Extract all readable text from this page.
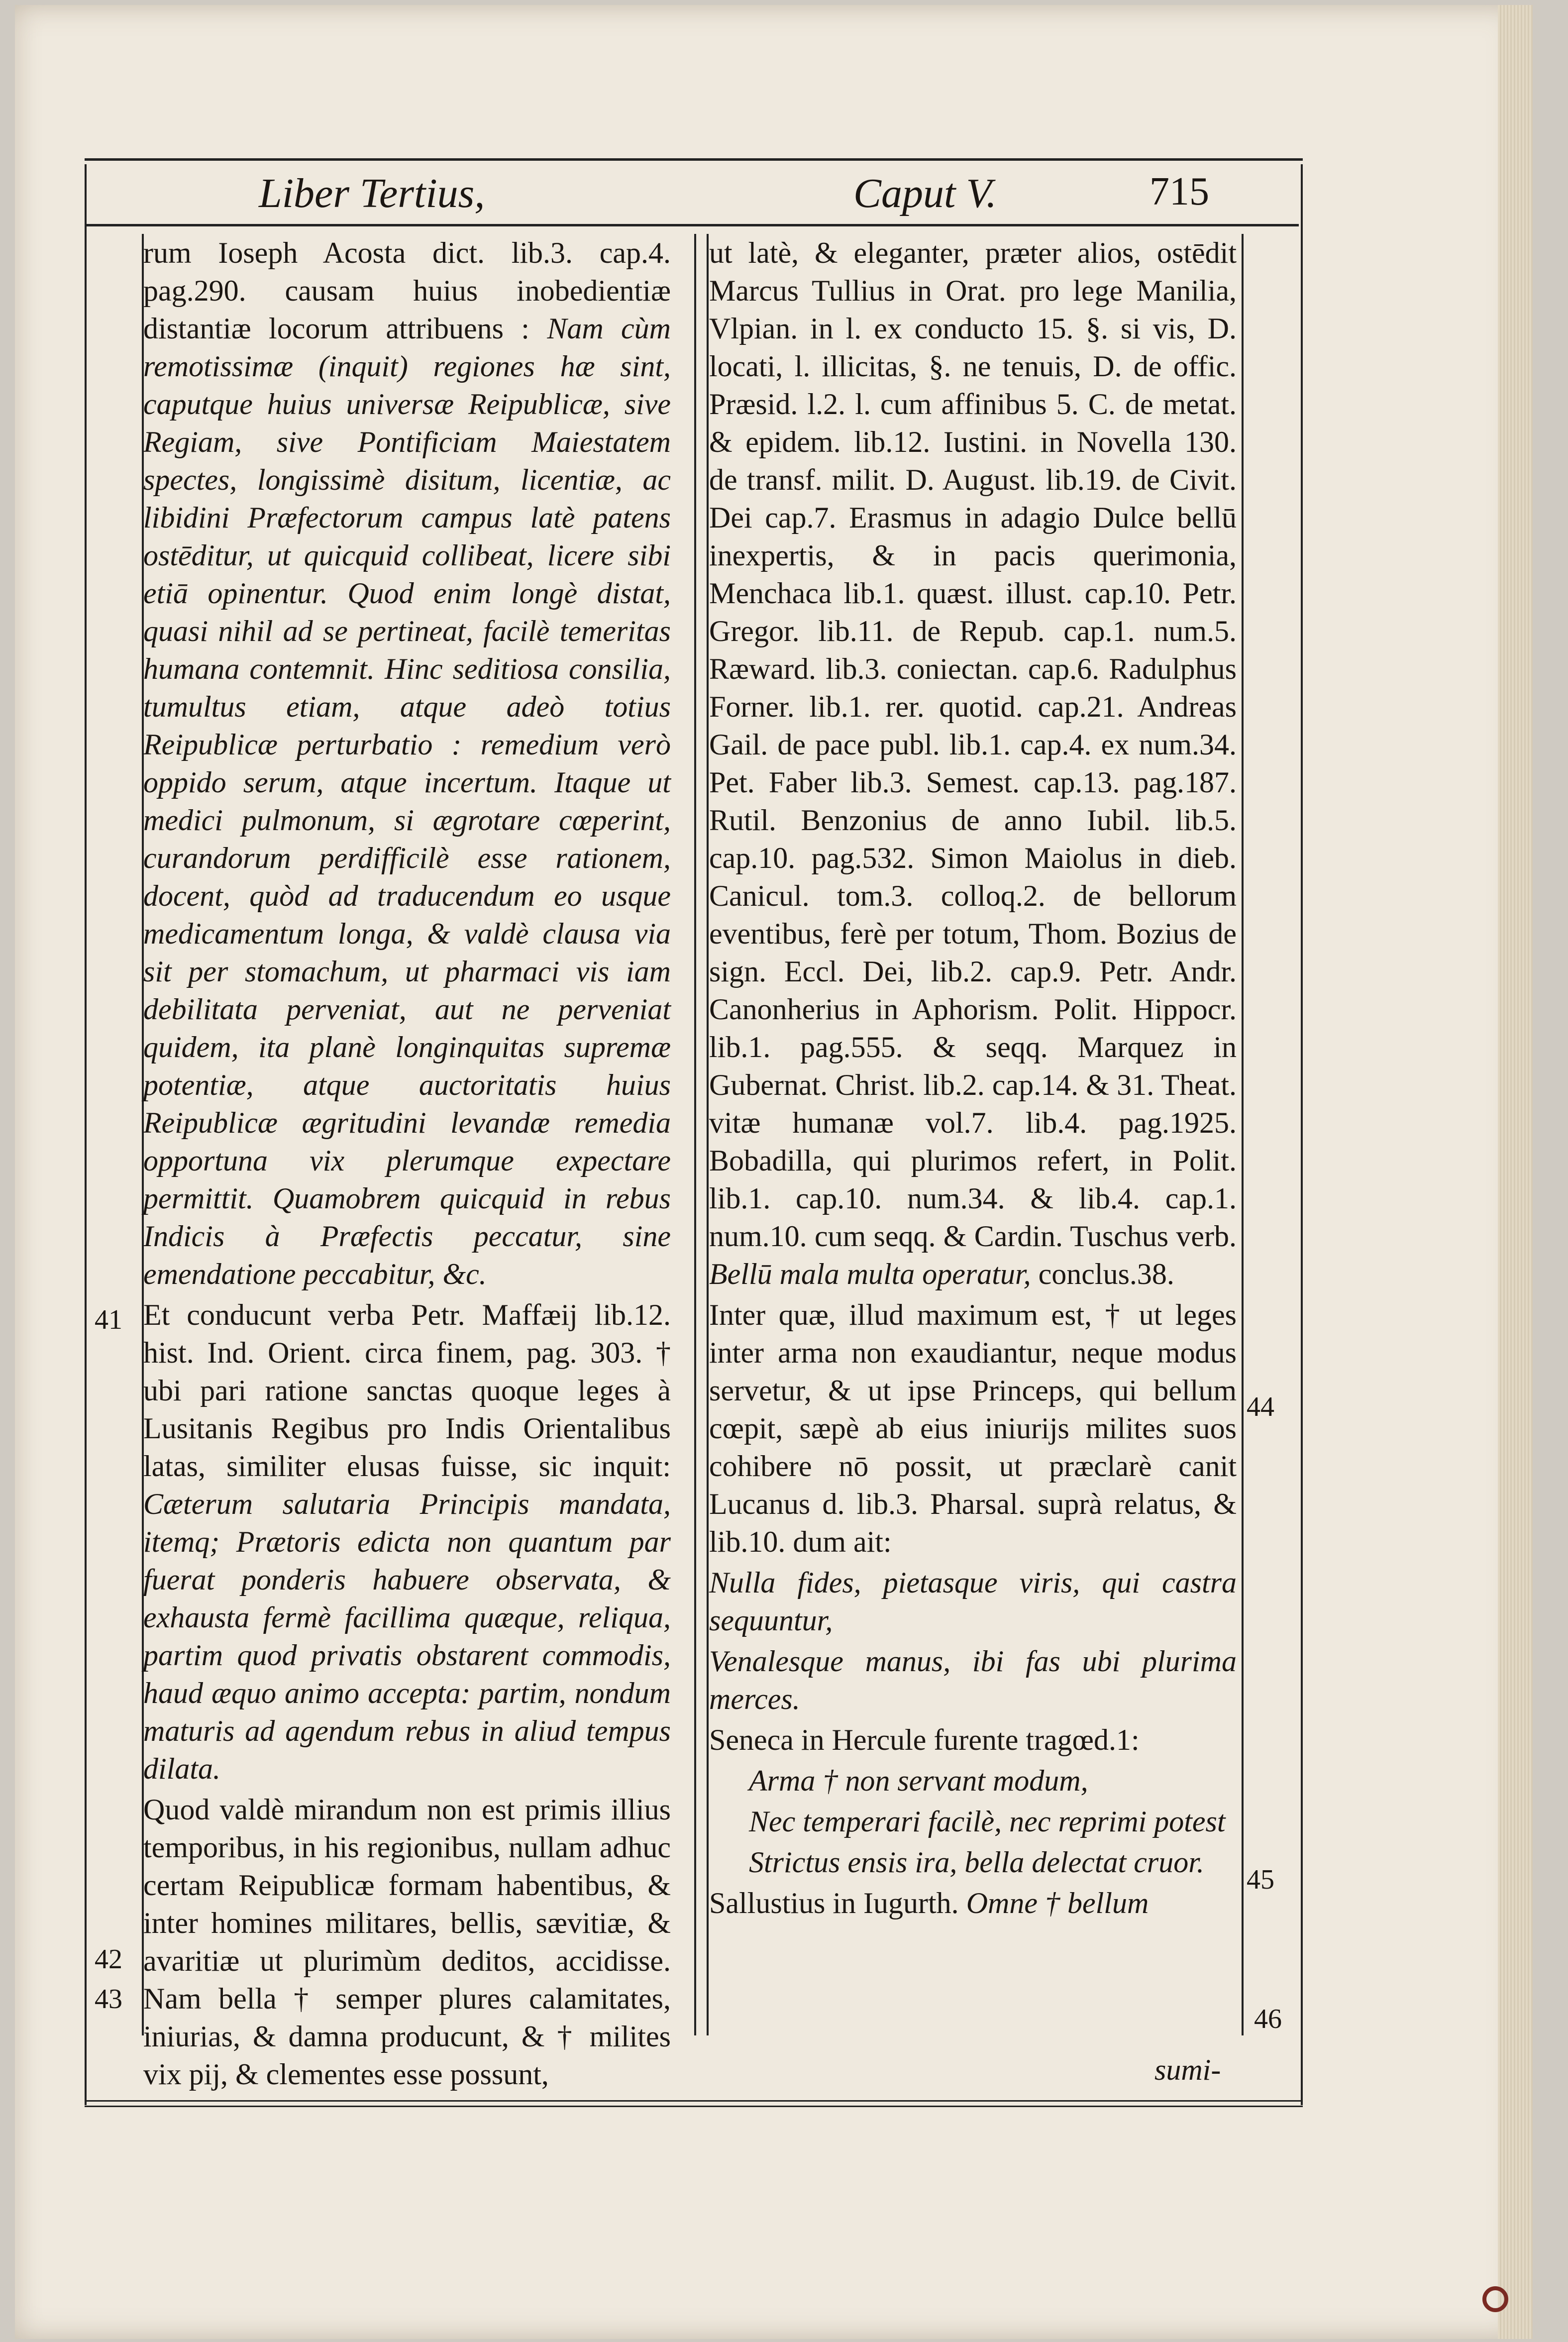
Liber Tertius,	Caput V.	715

rum Ioseph Acosta dict. lib.3. cap.4. pag.290. causam huius inobedientiæ distantiæ locorum attribuens : Nam cùm remotissimæ (inquit) regiones hæ sint, caputque huius universæ Reipublicæ, sive Regiam, sive Pontificiam Maiestatem spectes, longissimè disitum, licentiæ, ac libidini Præfectorum campus latè patens ostēditur, ut quicquid collibeat, licere sibi etiā opinentur. Quod enim longè distat, quasi nihil ad se pertineat, facilè temeritas humana contemnit. Hinc seditiosa consilia, tumultus etiam, atque adeò totius Reipublicæ perturbatio : remedium verò oppido serum, atque incertum. Itaque ut medici pulmonum, si ægrotare cœperint, curandorum perdifficilè esse rationem, docent, quòd ad traducendum eo usque medicamentum longa, & valdè clausa via sit per stomachum, ut pharmaci vis iam debilitata perveniat, aut ne perveniat quidem, ita planè longinquitas supremæ potentiæ, atque auctoritatis huius Reipublicæ ægritudini levandæ remedia opportuna vix plerumque expectare permittit. Quamobrem quicquid in rebus Indicis à Præfectis peccatur, sine emendatione peccabitur, &c.

Et conducunt verba Petr. Maffæij lib.12. hist. Ind. Orient. circa finem, pag. 303. † ubi pari ratione sanctas quoque leges à Lusitanis Regibus pro Indis Orientalibus latas, similiter elusas fuisse, sic inquit: Cæterum salutaria Principis mandata, itemq; Prætoris edicta non quantum par fuerat ponderis habuere observata, & exhausta fermè facillima quæque, reliqua, partim quod privatis obstarent commodis, haud æquo animo accepta: partim, nondum maturis ad agendum rebus in aliud tempus dilata.

Quod valdè mirandum non est primis illius temporibus, in his regionibus, nullam adhuc certam Reipublicæ formam habentibus, & inter homines militares, bellis, sævitiæ, & avaritiæ ut plurimùm deditos, accidisse. Nam bella † semper plures calamitates, iniurias, & damna producunt, & † milites vix pij, & clementes esse possunt,

ut latè, & eleganter, præter alios, ostēdit Marcus Tullius in Orat. pro lege Manilia, Vlpian. in l. ex conducto 15. §. si vis, D. locati, l. illicitas, §. ne tenuis, D. de offic. Præsid. l.2. l. cum affinibus 5. C. de metat. & epidem. lib.12. Iustini. in Novella 130. de transf. milit. D. August. lib.19. de Civit. Dei cap.7. Erasmus in adagio Dulce bellū inexpertis, & in pacis querimonia, Menchaca lib.1. quæst. illust. cap.10. Petr. Gregor. lib.11. de Repub. cap.1. num.5. Ræward. lib.3. coniectan. cap.6. Radulphus Forner. lib.1. rer. quotid. cap.21. Andreas Gail. de pace publ. lib.1. cap.4. ex num.34. Pet. Faber lib.3. Semest. cap.13. pag.187. Rutil. Benzonius de anno Iubil. lib.5. cap.10. pag.532. Simon Maiolus in dieb. Canicul. tom.3. colloq.2. de bellorum eventibus, ferè per totum, Thom. Bozius de sign. Eccl. Dei, lib.2. cap.9. Petr. Andr. Canonherius in Aphorism. Polit. Hippocr. lib.1. pag.555. & seqq. Marquez in Gubernat. Christ. lib.2. cap.14. & 31. Theat. vitæ humanæ vol.7. lib.4. pag.1925. Bobadilla, qui plurimos refert, in Polit. lib.1. cap.10. num.34. & lib.4. cap.1. num.10. cum seqq. & Cardin. Tuschus verb. Bellū mala multa operatur, conclus.38.

Inter quæ, illud maximum est, † ut leges inter arma non exaudiantur, neque modus servetur, & ut ipse Princeps, qui bellum cœpit, sæpè ab eius iniurijs milites suos cohibere nō possit, ut præclarè canit Lucanus d. lib.3. Pharsal. suprà relatus, & lib.10. dum ait:

Nulla fides, pietasque viris, qui castra sequuntur,

Venalesque manus, ibi fas ubi plurima merces.

Seneca in Hercule furente tragœd.1:

Arma † non servant modum,

Nec temperari facilè, nec reprimi potest

Strictus ensis ira, bella delectat cruor.

Sallustius in Iugurth. Omne † bellum

41
42
43
44
45
46
sumi-
